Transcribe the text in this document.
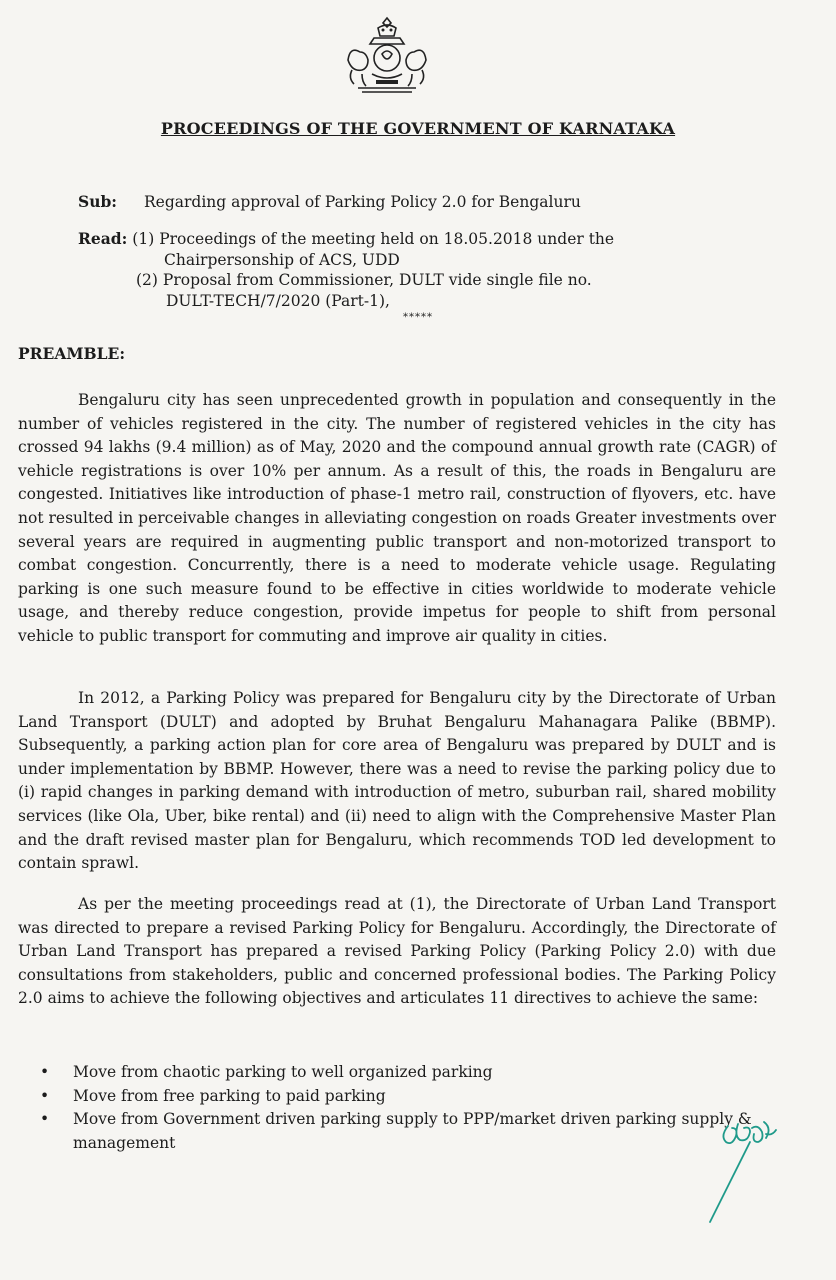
PROCEEDINGS OF THE GOVERNMENT OF KARNATAKA
Sub: Regarding approval of Parking Policy 2.0 for Bengaluru
Read: (1) Proceedings of the meeting held on 18.05.2018 under the
Chairpersonship of ACS, UDD
(2) Proposal from Commissioner, DULT vide single file no.
DULT-TECH/7/2020 (Part-1),
*****
PREAMBLE:

Bengaluru city has seen unprecedented growth in population and consequently in the number of vehicles registered in the city. The number of registered vehicles in the city has crossed 94 lakhs (9.4 million) as of May, 2020 and the compound annual growth rate (CAGR) of vehicle registrations is over 10% per annum. As a result of this, the roads in Bengaluru are congested. Initiatives like introduction of phase-1 metro rail, construction of flyovers, etc. have not resulted in perceivable changes in alleviating congestion on roads Greater investments over several years are required in augmenting public transport and non-motorized transport to combat congestion. Concurrently, there is a need to moderate vehicle usage. Regulating parking is one such measure found to be effective in cities worldwide to moderate vehicle usage, and thereby reduce congestion, provide impetus for people to shift from personal vehicle to public transport for commuting and improve air quality in cities.

In 2012, a Parking Policy was prepared for Bengaluru city by the Directorate of Urban Land Transport (DULT) and adopted by Bruhat Bengaluru Mahanagara Palike (BBMP). Subsequently, a parking action plan for core area of Bengaluru was prepared by DULT and is under implementation by BBMP. However, there was a need to revise the parking policy due to (i) rapid changes in parking demand with introduction of metro, suburban rail, shared mobility services (like Ola, Uber, bike rental) and (ii) need to align with the Comprehensive Master Plan and the draft revised master plan for Bengaluru, which recommends TOD led development to contain sprawl.

As per the meeting proceedings read at (1), the Directorate of Urban Land Transport was directed to prepare a revised Parking Policy for Bengaluru. Accordingly, the Directorate of Urban Land Transport has prepared a revised Parking Policy (Parking Policy 2.0) with due consultations from stakeholders, public and concerned professional bodies. The Parking Policy 2.0 aims to achieve the following objectives and articulates 11 directives to achieve the same:

• Move from chaotic parking to well organized parking
• Move from free parking to paid parking
• Move from Government driven parking supply to PPP/market driven parking supply & management
